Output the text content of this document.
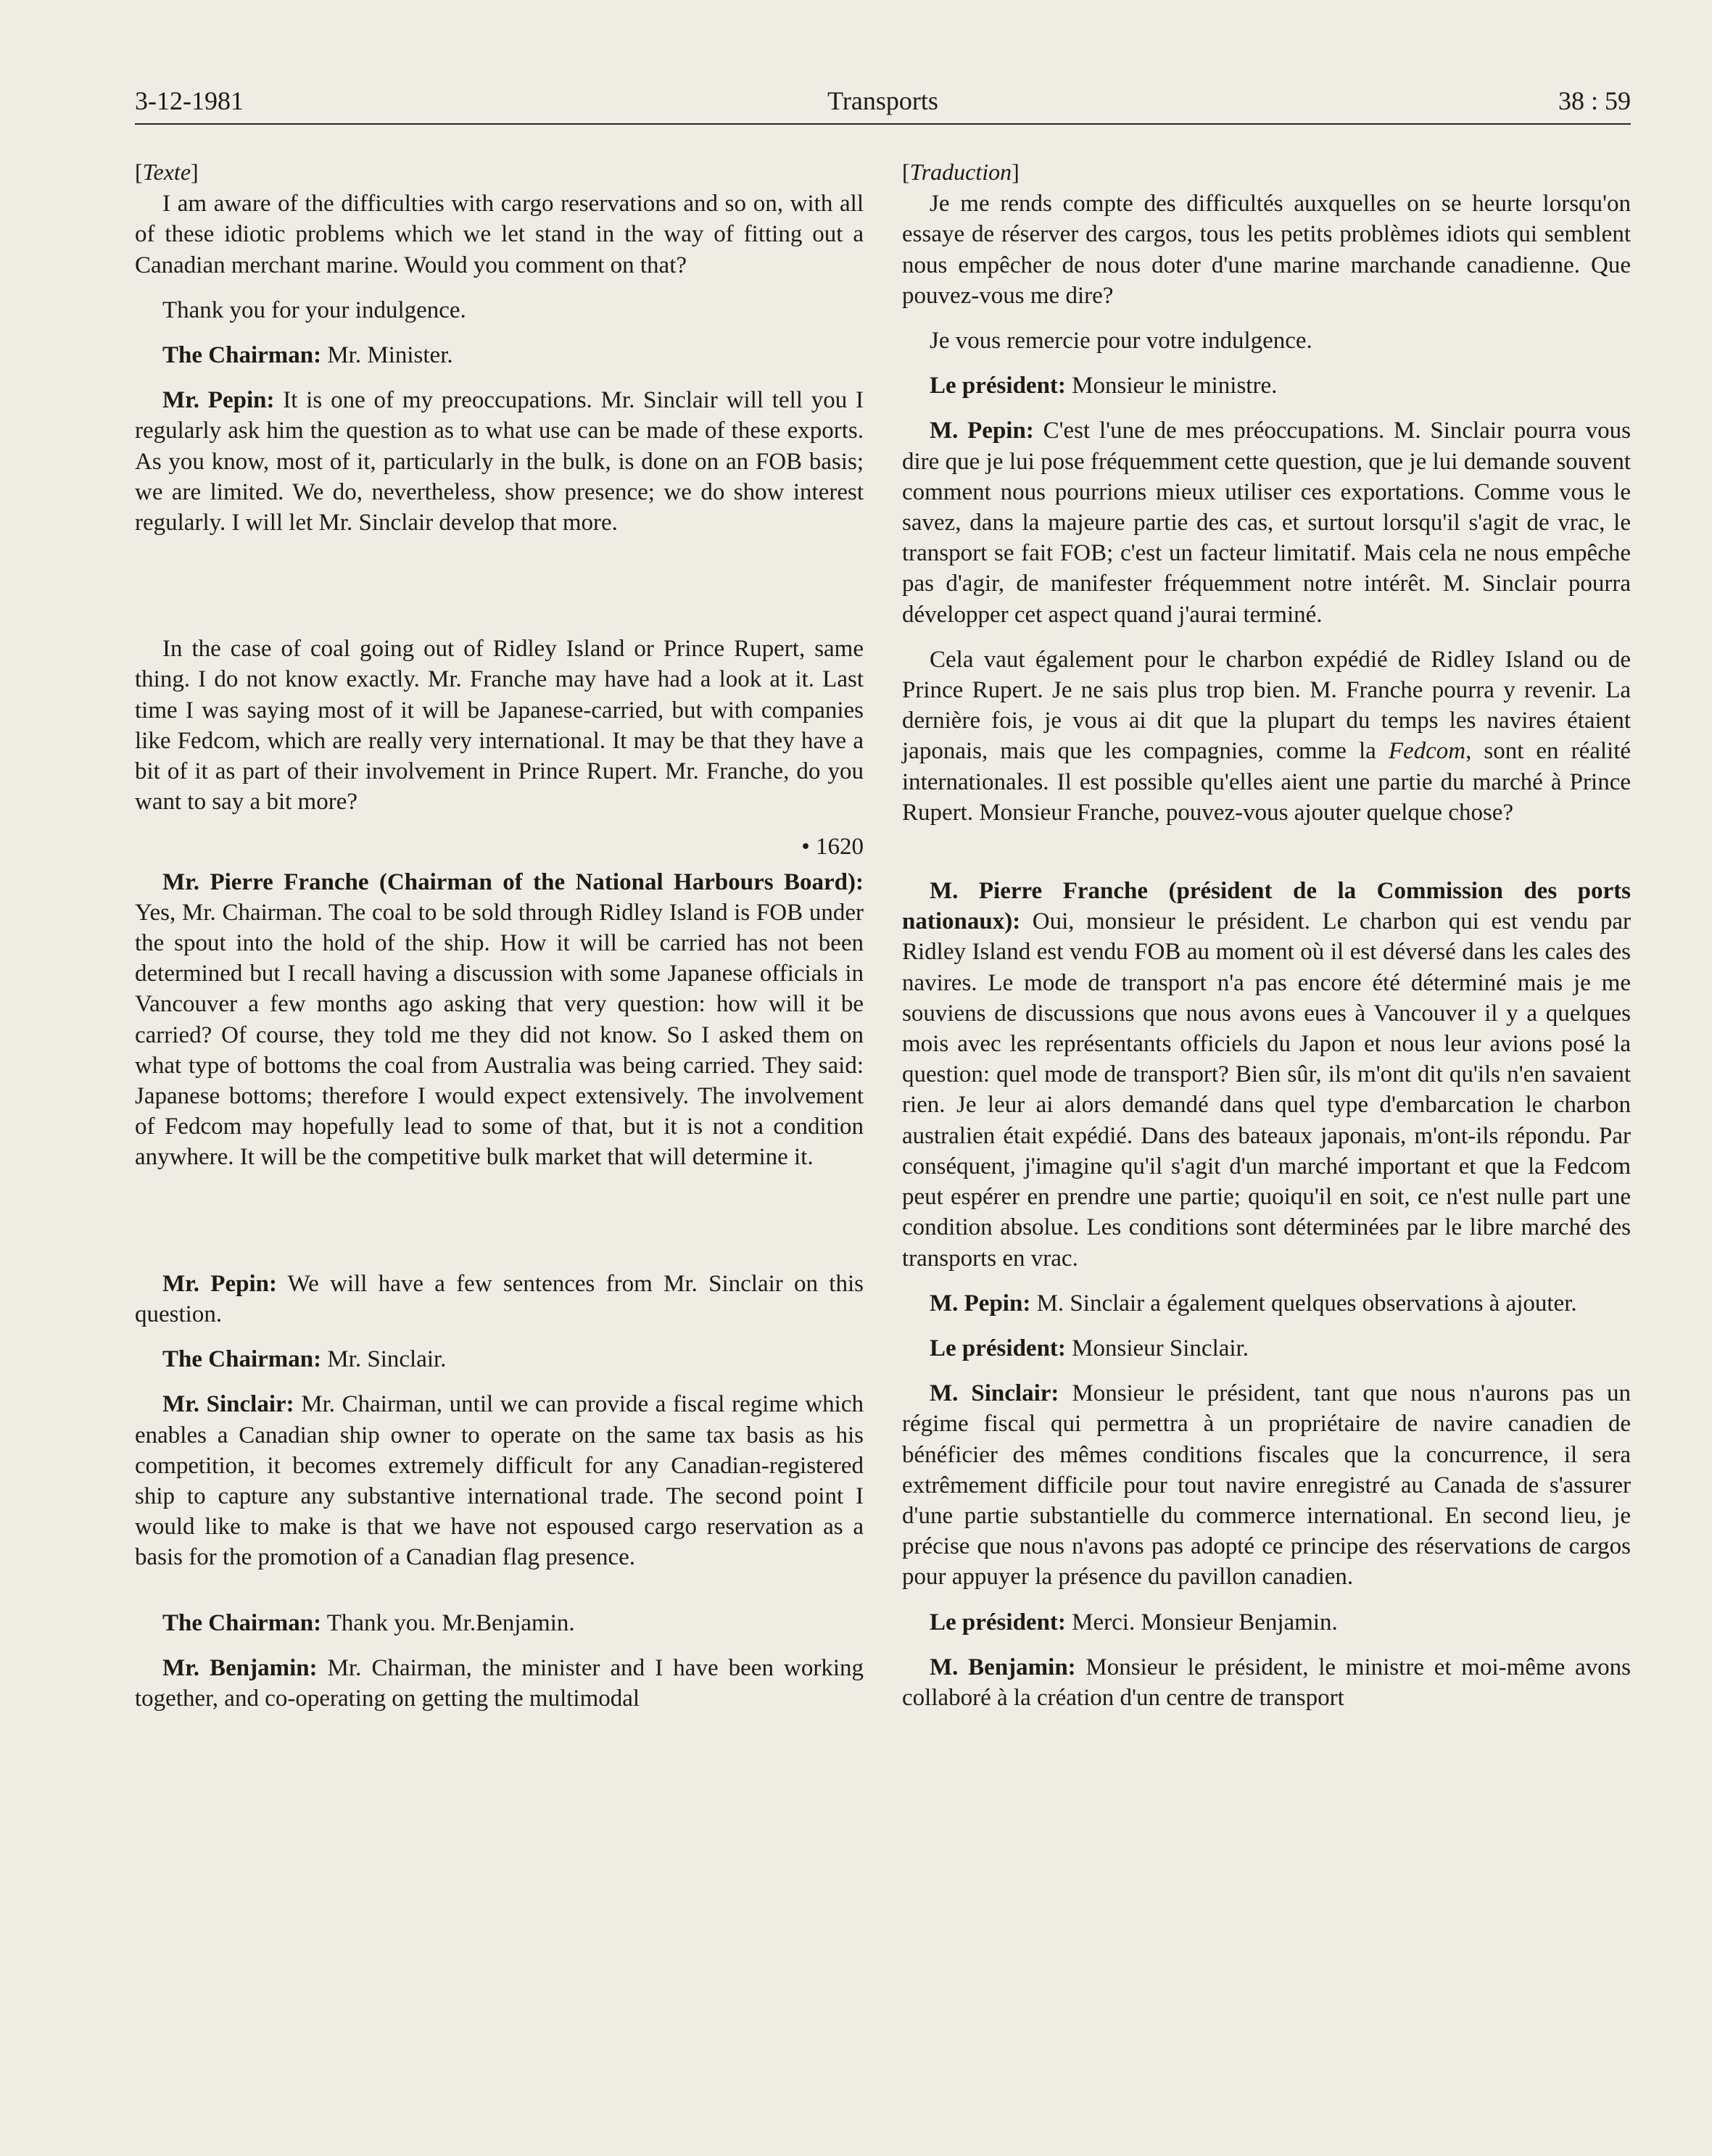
3-12-1981	Transports	38 : 59

[Texte]

I am aware of the difficulties with cargo reservations and so on, with all of these idiotic problems which we let stand in the way of fitting out a Canadian merchant marine. Would you comment on that?

Thank you for your indulgence.

The Chairman: Mr. Minister.

Mr. Pepin: It is one of my preoccupations. Mr. Sinclair will tell you I regularly ask him the question as to what use can be made of these exports. As you know, most of it, particularly in the bulk, is done on an FOB basis; we are limited. We do, nevertheless, show presence; we do show interest regularly. I will let Mr. Sinclair develop that more.

In the case of coal going out of Ridley Island or Prince Rupert, same thing. I do not know exactly. Mr. Franche may have had a look at it. Last time I was saying most of it will be Japanese-carried, but with companies like Fedcom, which are really very international. It may be that they have a bit of it as part of their involvement in Prince Rupert. Mr. Franche, do you want to say a bit more?

• 1620

Mr. Pierre Franche (Chairman of the National Harbours Board): Yes, Mr. Chairman. The coal to be sold through Ridley Island is FOB under the spout into the hold of the ship. How it will be carried has not been determined but I recall having a discussion with some Japanese officials in Vancouver a few months ago asking that very question: how will it be carried? Of course, they told me they did not know. So I asked them on what type of bottoms the coal from Australia was being carried. They said: Japanese bottoms; therefore I would expect extensively. The involvement of Fedcom may hopefully lead to some of that, but it is not a condition anywhere. It will be the competitive bulk market that will determine it.

Mr. Pepin: We will have a few sentences from Mr. Sinclair on this question.

The Chairman: Mr. Sinclair.

Mr. Sinclair: Mr. Chairman, until we can provide a fiscal regime which enables a Canadian ship owner to operate on the same tax basis as his competition, it becomes extremely difficult for any Canadian-registered ship to capture any substantive international trade. The second point I would like to make is that we have not espoused cargo reservation as a basis for the promotion of a Canadian flag presence.

The Chairman: Thank you. Mr.Benjamin.

Mr. Benjamin: Mr. Chairman, the minister and I have been working together, and co-operating on getting the multimodal

[Traduction]

Je me rends compte des difficultés auxquelles on se heurte lorsqu'on essaye de réserver des cargos, tous les petits problèmes idiots qui semblent nous empêcher de nous doter d'une marine marchande canadienne. Que pouvez-vous me dire?

Je vous remercie pour votre indulgence.

Le président: Monsieur le ministre.

M. Pepin: C'est l'une de mes préoccupations. M. Sinclair pourra vous dire que je lui pose fréquemment cette question, que je lui demande souvent comment nous pourrions mieux utiliser ces exportations. Comme vous le savez, dans la majeure partie des cas, et surtout lorsqu'il s'agit de vrac, le transport se fait FOB; c'est un facteur limitatif. Mais cela ne nous empêche pas d'agir, de manifester fréquemment notre intérêt. M. Sinclair pourra développer cet aspect quand j'aurai terminé.

Cela vaut également pour le charbon expédié de Ridley Island ou de Prince Rupert. Je ne sais plus trop bien. M. Franche pourra y revenir. La dernière fois, je vous ai dit que la plupart du temps les navires étaient japonais, mais que les compagnies, comme la Fedcom, sont en réalité internationales. Il est possible qu'elles aient une partie du marché à Prince Rupert. Monsieur Franche, pouvez-vous ajouter quelque chose?

M. Pierre Franche (président de la Commission des ports nationaux): Oui, monsieur le président. Le charbon qui est vendu par Ridley Island est vendu FOB au moment où il est déversé dans les cales des navires. Le mode de transport n'a pas encore été déterminé mais je me souviens de discussions que nous avons eues à Vancouver il y a quelques mois avec les représentants officiels du Japon et nous leur avions posé la question: quel mode de transport? Bien sûr, ils m'ont dit qu'ils n'en savaient rien. Je leur ai alors demandé dans quel type d'embarcation le charbon australien était expédié. Dans des bateaux japonais, m'ont-ils répondu. Par conséquent, j'imagine qu'il s'agit d'un marché important et que la Fedcom peut espérer en prendre une partie; quoiqu'il en soit, ce n'est nulle part une condition absolue. Les conditions sont déterminées par le libre marché des transports en vrac.

M. Pepin: M. Sinclair a également quelques observations à ajouter.

Le président: Monsieur Sinclair.

M. Sinclair: Monsieur le président, tant que nous n'aurons pas un régime fiscal qui permettra à un propriétaire de navire canadien de bénéficier des mêmes conditions fiscales que la concurrence, il sera extrêmement difficile pour tout navire enregistré au Canada de s'assurer d'une partie substantielle du commerce international. En second lieu, je précise que nous n'avons pas adopté ce principe des réservations de cargos pour appuyer la présence du pavillon canadien.

Le président: Merci. Monsieur Benjamin.

M. Benjamin: Monsieur le président, le ministre et moi-même avons collaboré à la création d'un centre de transport
